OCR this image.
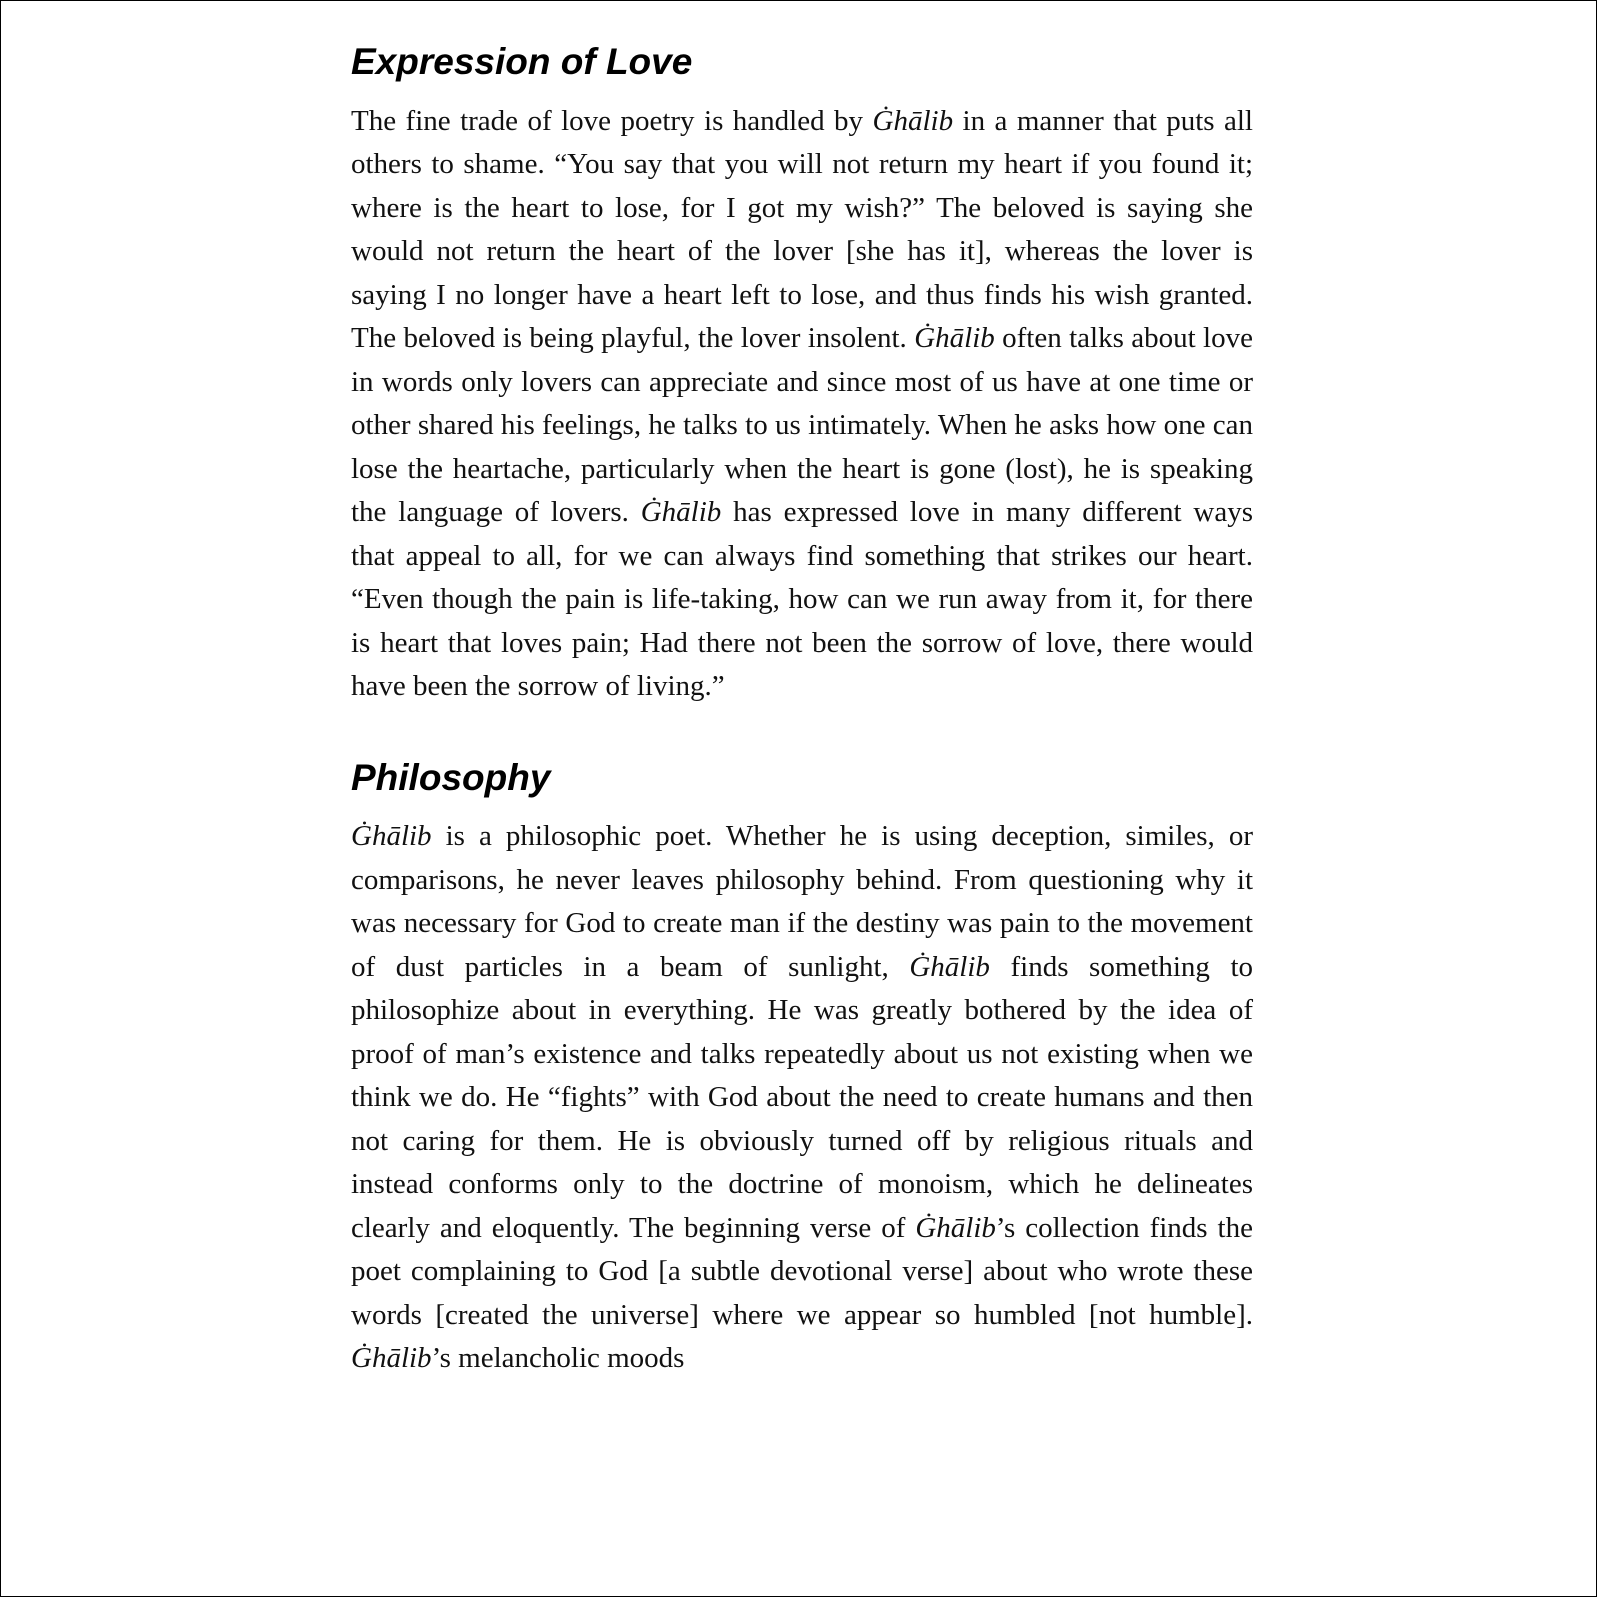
Expression of Love

The fine trade of love poetry is handled by Ġhālib in a manner that puts all others to shame. “You say that you will not return my heart if you found it; where is the heart to lose, for I got my wish?” The beloved is saying she would not return the heart of the lover [she has it], whereas the lover is saying I no longer have a heart left to lose, and thus finds his wish granted. The beloved is being playful, the lover insolent. Ġhālib often talks about love in words only lovers can appreciate and since most of us have at one time or other shared his feelings, he talks to us intimately. When he asks how one can lose the heartache, particularly when the heart is gone (lost), he is speaking the language of lovers. Ġhālib has expressed love in many different ways that appeal to all, for we can always find something that strikes our heart. “Even though the pain is life-taking, how can we run away from it, for there is heart that loves pain; Had there not been the sorrow of love, there would have been the sorrow of living.”

Philosophy

Ġhālib is a philosophic poet. Whether he is using deception, similes, or comparisons, he never leaves philosophy behind. From questioning why it was necessary for God to create man if the destiny was pain to the movement of dust particles in a beam of sunlight, Ġhālib finds something to philosophize about in everything. He was greatly bothered by the idea of proof of man’s existence and talks repeatedly about us not existing when we think we do. He “fights” with God about the need to create humans and then not caring for them. He is obviously turned off by religious rituals and instead conforms only to the doctrine of monoism, which he delineates clearly and eloquently. The beginning verse of Ġhālib’s collection finds the poet complaining to God [a subtle devotional verse] about who wrote these words [created the universe] where we appear so humbled [not humble]. Ġhālib’s melancholic moods
